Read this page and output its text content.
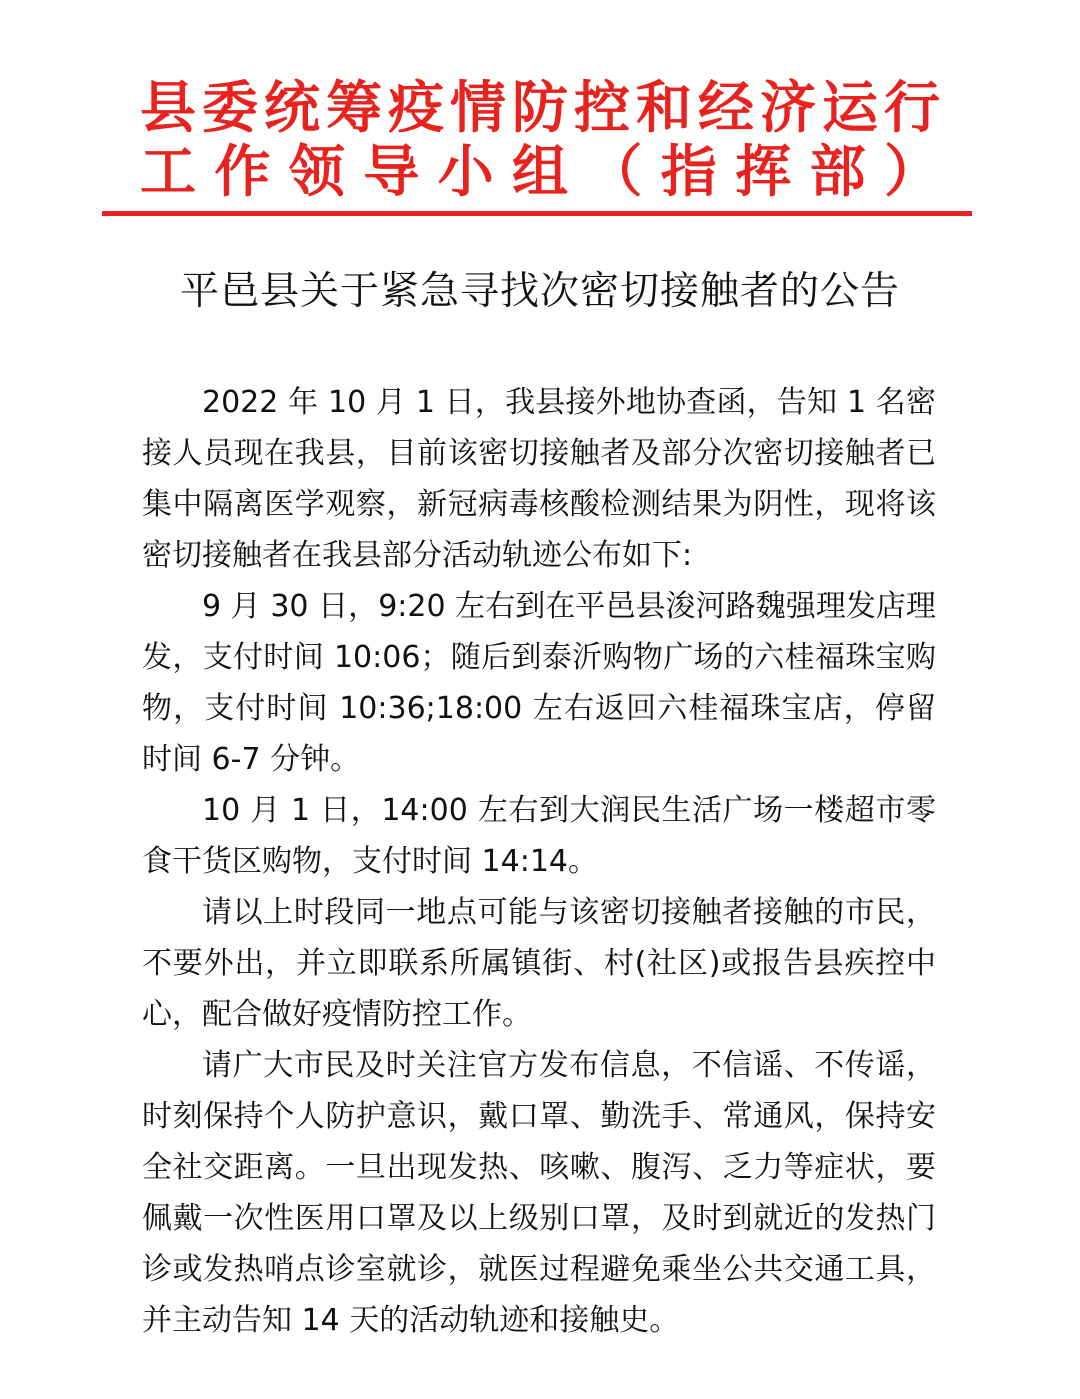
县委统筹疫情防控和经济运行
工作领导小组（指挥部）
平邑县关于紧急寻找次密切接触者的公告

2022 年 10 月 1 日，我县接外地协查函，告知 1 名密接人员现在我县，目前该密切接触者及部分次密切接触者已集中隔离医学观察，新冠病毒核酸检测结果为阴性，现将该密切接触者在我县部分活动轨迹公布如下:

9 月 30 日，9:20 左右到在平邑县浚河路魏强理发店理发，支付时间 10:06；随后到泰沂购物广场的六桂福珠宝购物，支付时间 10:36;18:00 左右返回六桂福珠宝店，停留时间 6-7 分钟。

10 月 1 日，14:00 左右到大润民生活广场一楼超市零食干货区购物，支付时间 14:14。

请以上时段同一地点可能与该密切接触者接触的市民，不要外出，并立即联系所属镇街、村(社区)或报告县疾控中心，配合做好疫情防控工作。

请广大市民及时关注官方发布信息，不信谣、不传谣，时刻保持个人防护意识，戴口罩、勤洗手、常通风，保持安全社交距离。一旦出现发热、咳嗽、腹泻、乏力等症状，要佩戴一次性医用口罩及以上级别口罩，及时到就近的发热门诊或发热哨点诊室就诊，就医过程避免乘坐公共交通工具，并主动告知 14 天的活动轨迹和接触史。
